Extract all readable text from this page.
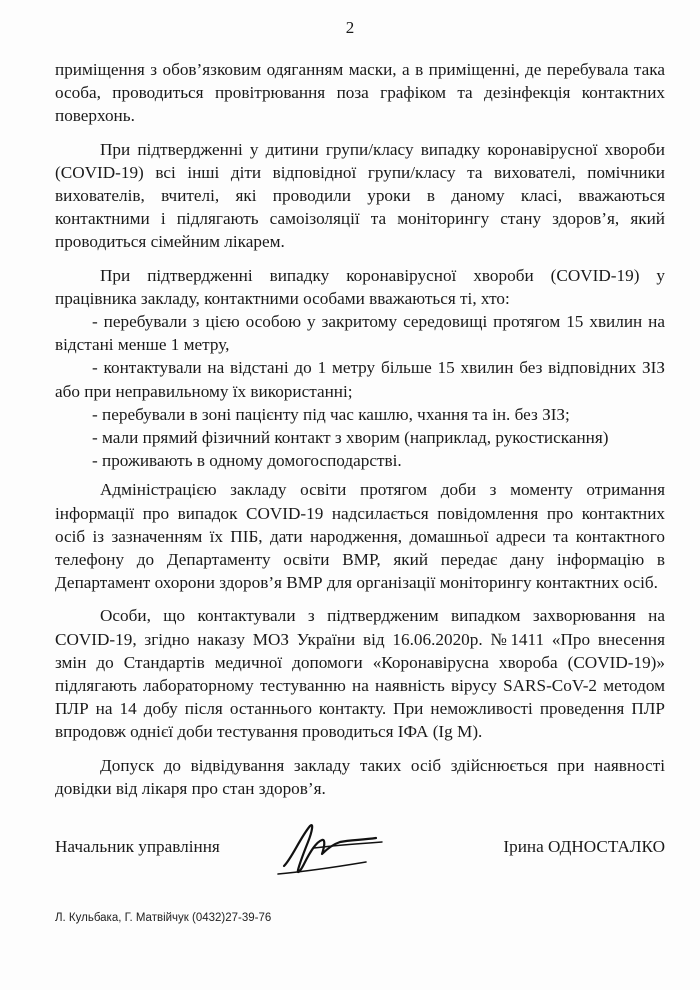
2

приміщення з обов’язковим одяганням маски, а в приміщенні, де перебувала така особа, проводиться провітрювання поза графіком та дезінфекція контактних поверхонь.

При підтвердженні у дитини групи/класу випадку коронавірусної хвороби (COVID-19) всі інші діти відповідної групи/класу та вихователі, помічники вихователів, вчителі, які проводили уроки в даному класі, вважаються контактними і підлягають самоізоляції та моніторингу стану здоров’я, який проводиться сімейним лікарем.

При підтвердженні випадку коронавірусної хвороби (COVID-19) у працівника закладу, контактними особами вважаються ті, хто:

- перебували з цією особою у закритому середовищі протягом 15 хвилин на відстані менше 1 метру,

- контактували на відстані до 1 метру більше 15 хвилин без відповідних ЗІЗ або при неправильному їх використанні;

- перебували в зоні пацієнту під час кашлю, чхання та ін. без ЗІЗ;

- мали прямий фізичний контакт з хворим (наприклад, рукостискання)

- проживають в одному домогосподарстві.

Адміністрацією закладу освіти протягом доби з моменту отримання інформації про випадок COVID-19 надсилається повідомлення про контактних осіб із зазначенням їх ПІБ, дати народження, домашньої адреси та контактного телефону до Департаменту освіти ВМР, який передає дану інформацію в Департамент охорони здоров’я ВМР для організації моніторингу контактних осіб.

Особи, що контактували з підтвердженим випадком захворювання на COVID-19, згідно наказу МОЗ України від 16.06.2020р. №1411 «Про внесення змін до Стандартів медичної допомоги «Коронавірусна хвороба (COVID-19)» підлягають лабораторному тестуванню на наявність вірусу SARS-CoV-2 методом ПЛР на 14 добу після останнього контакту. При неможливості проведення ПЛР впродовж однієї доби тестування проводиться ІФА (Ig M).

Допуск до відвідування закладу таких осіб здійснюється при наявності довідки від лікаря про стан здоров’я.

Начальник управління	Ірина ОДНОСТАЛКО
Л. Кульбака, Г. Матвійчук (0432)27-39-76
